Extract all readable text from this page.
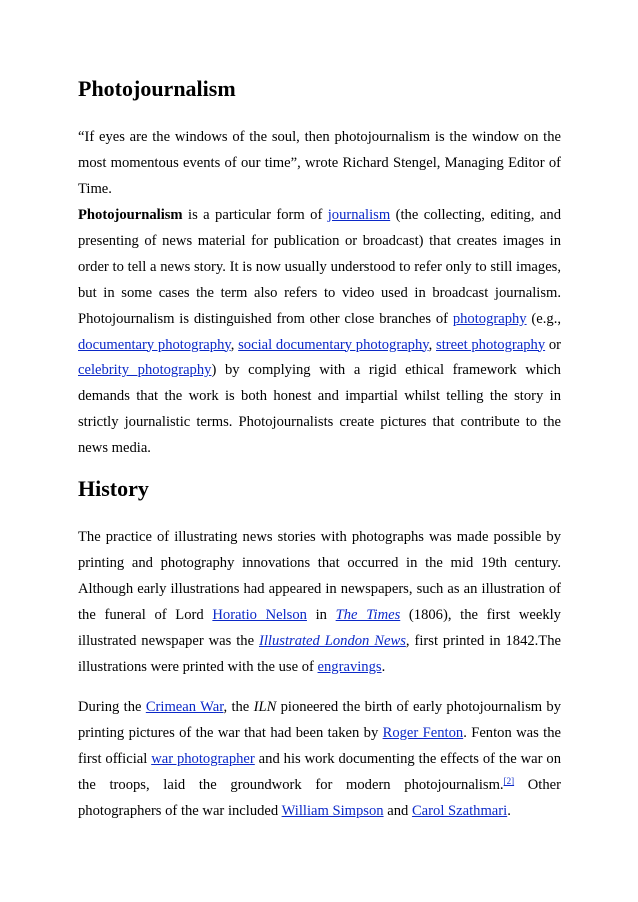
Photojournalism

“If eyes are the windows of the soul, then photojournalism is the window on the most momentous events of our time”, wrote Richard Stengel, Managing Editor of Time.

Photojournalism is a particular form of journalism (the collecting, editing, and presenting of news material for publication or broadcast) that creates images in order to tell a news story. It is now usually understood to refer only to still images, but in some cases the term also refers to video used in broadcast journalism. Photojournalism is distinguished from other close branches of photography (e.g., documentary photography, social documentary photography, street photography or celebrity photography) by complying with a rigid ethical framework which demands that the work is both honest and impartial whilst telling the story in strictly journalistic terms. Photojournalists create pictures that contribute to the news media.

History

The practice of illustrating news stories with photographs was made possible by printing and photography innovations that occurred in the mid 19th century. Although early illustrations had appeared in newspapers, such as an illustration of the funeral of Lord Horatio Nelson in The Times (1806), the first weekly illustrated newspaper was the Illustrated London News, first printed in 1842.The illustrations were printed with the use of engravings.

During the Crimean War, the ILN pioneered the birth of early photojournalism by printing pictures of the war that had been taken by Roger Fenton. Fenton was the first official war photographer and his work documenting the effects of the war on the troops, laid the groundwork for modern photojournalism.[2] Other photographers of the war included William Simpson and Carol Szathmari.
